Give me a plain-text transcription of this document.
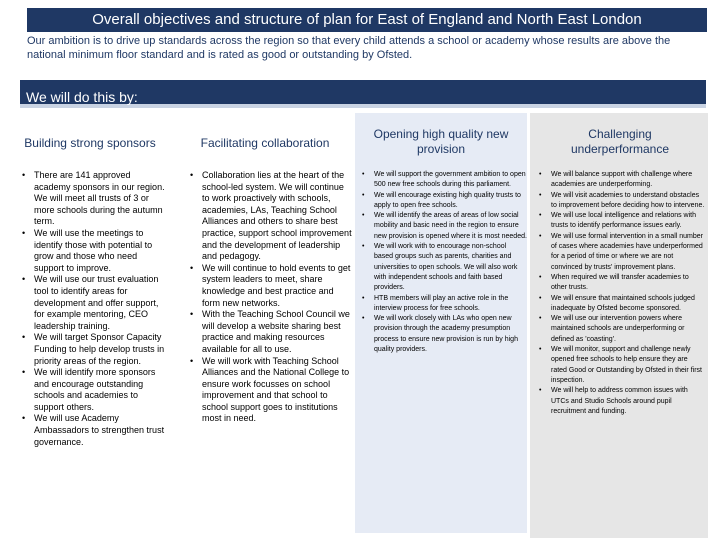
Overall objectives and structure of plan for East of England and North East London
Our ambition is to drive up standards across the region so that every child attends a school or academy whose results are above the national minimum floor standard and is rated as good or outstanding by Ofsted.
We will do this by:
Building strong sponsors	Facilitating collaboration
Opening high quality new provision
Challenging underperformance
• There are 141 approved academy sponsors in our region. We will meet all trusts of 3 or more schools during the autumn term.
• We will use the meetings to identify those with potential to grow and those who need support to improve.
• We will use our trust evaluation tool to identify areas for development and offer support, for example mentoring, CEO leadership training.
• We will target Sponsor Capacity Funding to help develop trusts in priority areas of the region.
• We will identify more sponsors and encourage outstanding schools and academies to support others.
• We will use Academy Ambassadors to strengthen trust governance.
• Collaboration lies at the heart of the school-led system. We will continue to work proactively with schools, academies, LAs, Teaching School Alliances and others to share best practice, support school improvement and the development of leadership and pedagogy.
• We will continue to hold events to get system leaders to meet, share knowledge and best practice and form new networks.
• With the Teaching School Council we will develop a website sharing best practice and making resources available for all to use.
• We will work with Teaching School Alliances and the National College to ensure work focusses on school improvement and that school to school support goes to institutions most in need.
• We will support the government ambition to open 500 new free schools during this parliament.
• We will encourage existing high quality trusts to apply to open free schools.
• We will identify the areas of areas of low social mobility and basic need in the region to ensure new provision is opened where it is most needed.
• We will work with to encourage non-school based groups such as parents, charities and universities to open schools. We will also work with independent schools and faith based providers.
• HTB members will play an active role in the interview process for free schools.
• We will work closely with LAs who open new provision through the academy presumption process to ensure new provision is run by high quality providers.
• We will balance support with challenge where academies are underperforming.
• We will visit academies to understand obstacles to improvement before deciding how to intervene.
• We will use local intelligence and relations with trusts to identify performance issues early.
• We will use formal intervention in a small number of cases where academies have underperformed for a period of time or where we are not convinced by trusts' improvement plans.
• When required we will transfer academies to other trusts.
• We will ensure that maintained schools judged inadequate by Ofsted become sponsored.
• We will use our intervention powers where maintained schools are underperforming or defined as 'coasting'.
• We will monitor, support and challenge newly opened free schools to help ensure they are rated Good or Outstanding by Ofsted in their first inspection.
• We will help to address common issues with UTCs and Studio Schools around pupil recruitment and funding.
